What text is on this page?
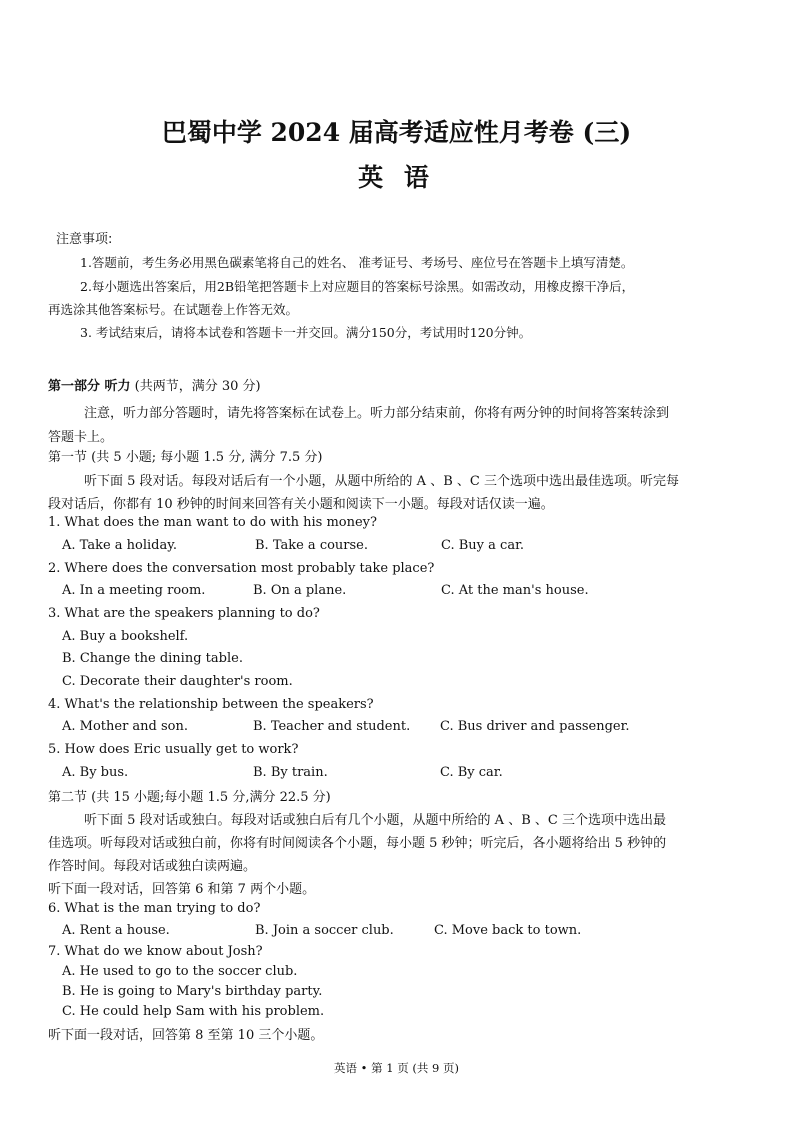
巴蜀中学 2024 届高考适应性月考卷 (三)
英 语
注意事项:
1.答题前，考生务必用黑色碳素笔将自己的姓名、 准考证号、考场号、座位号在答题卡上填写清楚。
2.每小题选出答案后，用2B铅笔把答题卡上对应题目的答案标号涂黑。如需改动，用橡皮擦干净后，
再选涂其他答案标号。在试题卷上作答无效。
3. 考试结束后，请将本试卷和答题卡一并交回。满分150分，考试用时120分钟。
第一部分 听力 (共两节，满分 30 分)
注意，听力部分答题时，请先将答案标在试卷上。听力部分结束前，你将有两分钟的时间将答案转涂到
答题卡上。
第一节 (共 5 小题; 每小题 1.5 分, 满分 7.5 分)
听下面 5 段对话。每段对话后有一个小题，从题中所给的 A 、B 、C 三个选项中选出最佳选项。听完每
段对话后，你都有 10 秒钟的时间来回答有关小题和阅读下一小题。每段对话仅读一遍。
1. What does the man want to do with his money?
A. Take a holiday.	B. Take a course.	C. Buy a car.
2. Where does the conversation most probably take place?
A. In a meeting room.	B. On a plane.	C. At the man's house.
3. What are the speakers planning to do?
A. Buy a bookshelf.
B. Change the dining table.
C. Decorate their daughter's room.
4. What's the relationship between the speakers?
A. Mother and son.	B. Teacher and student. C. Bus driver and passenger.
5. How does Eric usually get to work?
A. By bus.	B. By train.	C. By car.
第二节 (共 15 小题;每小题 1.5 分,满分 22.5 分)
听下面 5 段对话或独白。每段对话或独白后有几个小题，从题中所给的 A 、B 、C 三个选项中选出最
佳选项。听每段对话或独白前，你将有时间阅读各个小题，每小题 5 秒钟；听完后，各小题将给出 5 秒钟的
作答时间。每段对话或独白读两遍。
听下面一段对话，回答第 6 和第 7 两个小题。
6. What is the man trying to do?
A. Rent a house.	B. Join a soccer club.	C. Move back to town.
7. What do we know about Josh?
A. He used to go to the soccer club.
B. He is going to Mary's birthday party.
C. He could help Sam with his problem.
听下面一段对话，回答第 8 至第 10 三个小题。
英语 • 第 1 页 (共 9 页)
